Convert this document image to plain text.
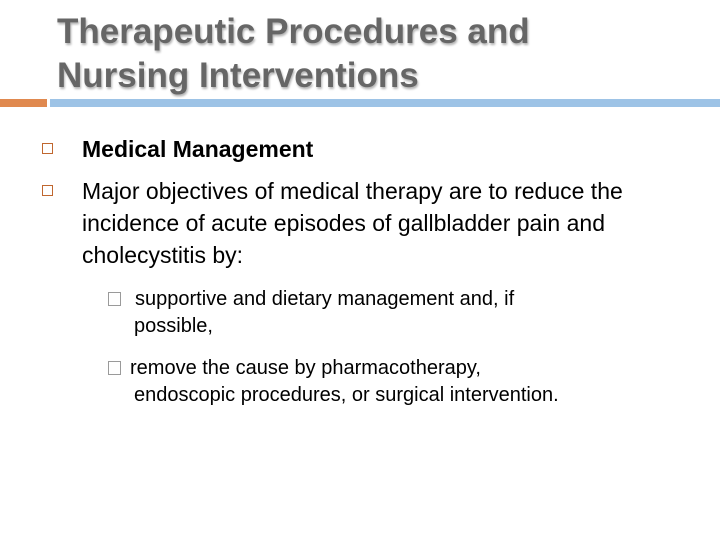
Therapeutic Procedures and
Nursing Interventions
Medical Management
Major objectives of medical therapy are to reduce the incidence of acute episodes of gallbladder pain and cholecystitis by:
supportive and dietary management and, if
possible,
remove the cause by pharmacotherapy,
endoscopic procedures, or surgical intervention.
